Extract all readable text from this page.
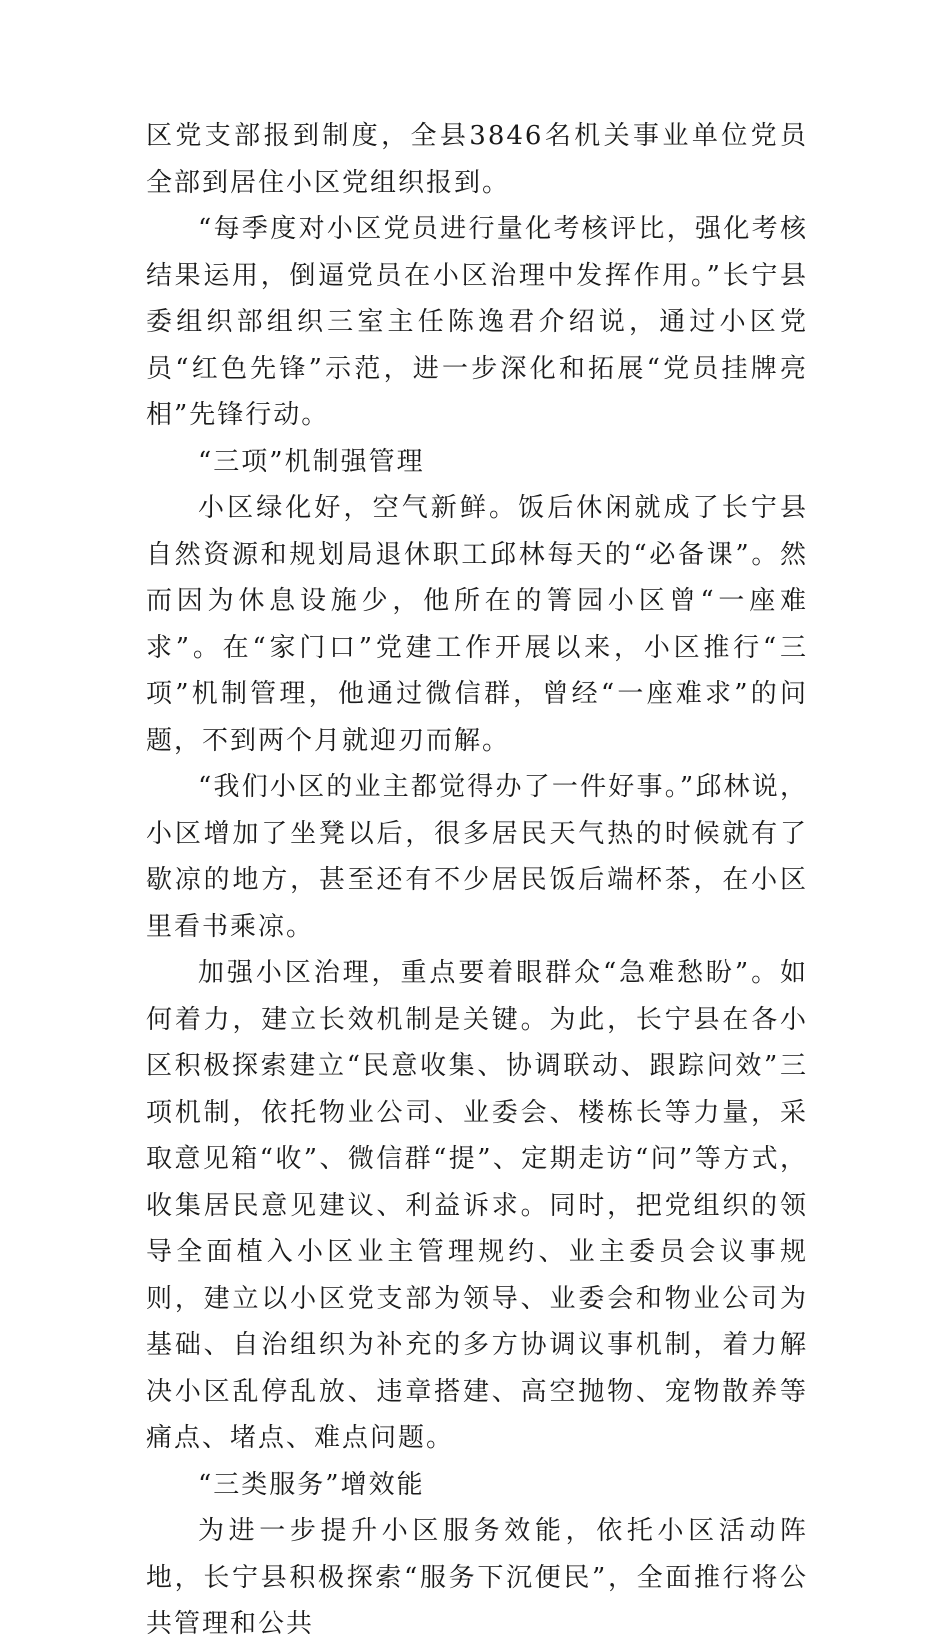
区党支部报到制度，全县3846名机关事业单位党员全部到居住小区党组织报到。

“每季度对小区党员进行量化考核评比，强化考核结果运用，倒逼党员在小区治理中发挥作用。”长宁县委组织部组织三室主任陈逸君介绍说，通过小区党员“红色先锋”示范，进一步深化和拓展“党员挂牌亮相”先锋行动。

“三项”机制强管理

小区绿化好，空气新鲜。饭后休闲就成了长宁县自然资源和规划局退休职工邱林每天的“必备课”。然而因为休息设施少，他所在的箐园小区曾“一座难求”。在“家门口”党建工作开展以来，小区推行“三项”机制管理，他通过微信群，曾经“一座难求”的问题，不到两个月就迎刃而解。

“我们小区的业主都觉得办了一件好事。”邱林说，小区增加了坐凳以后，很多居民天气热的时候就有了歇凉的地方，甚至还有不少居民饭后端杯茶，在小区里看书乘凉。

加强小区治理，重点要着眼群众“急难愁盼”。如何着力，建立长效机制是关键。为此，长宁县在各小区积极探索建立“民意收集、协调联动、跟踪问效”三项机制，依托物业公司、业委会、楼栋长等力量，采取意见箱“收”、微信群“提”、定期走访“问”等方式，收集居民意见建议、利益诉求。同时，把党组织的领导全面植入小区业主管理规约、业主委员会议事规则，建立以小区党支部为领导、业委会和物业公司为基础、自治组织为补充的多方协调议事机制，着力解决小区乱停乱放、违章搭建、高空抛物、宠物散养等痛点、堵点、难点问题。

“三类服务”增效能

为进一步提升小区服务效能，依托小区活动阵地，长宁县积极探索“服务下沉便民”，全面推行将公共管理和公共
